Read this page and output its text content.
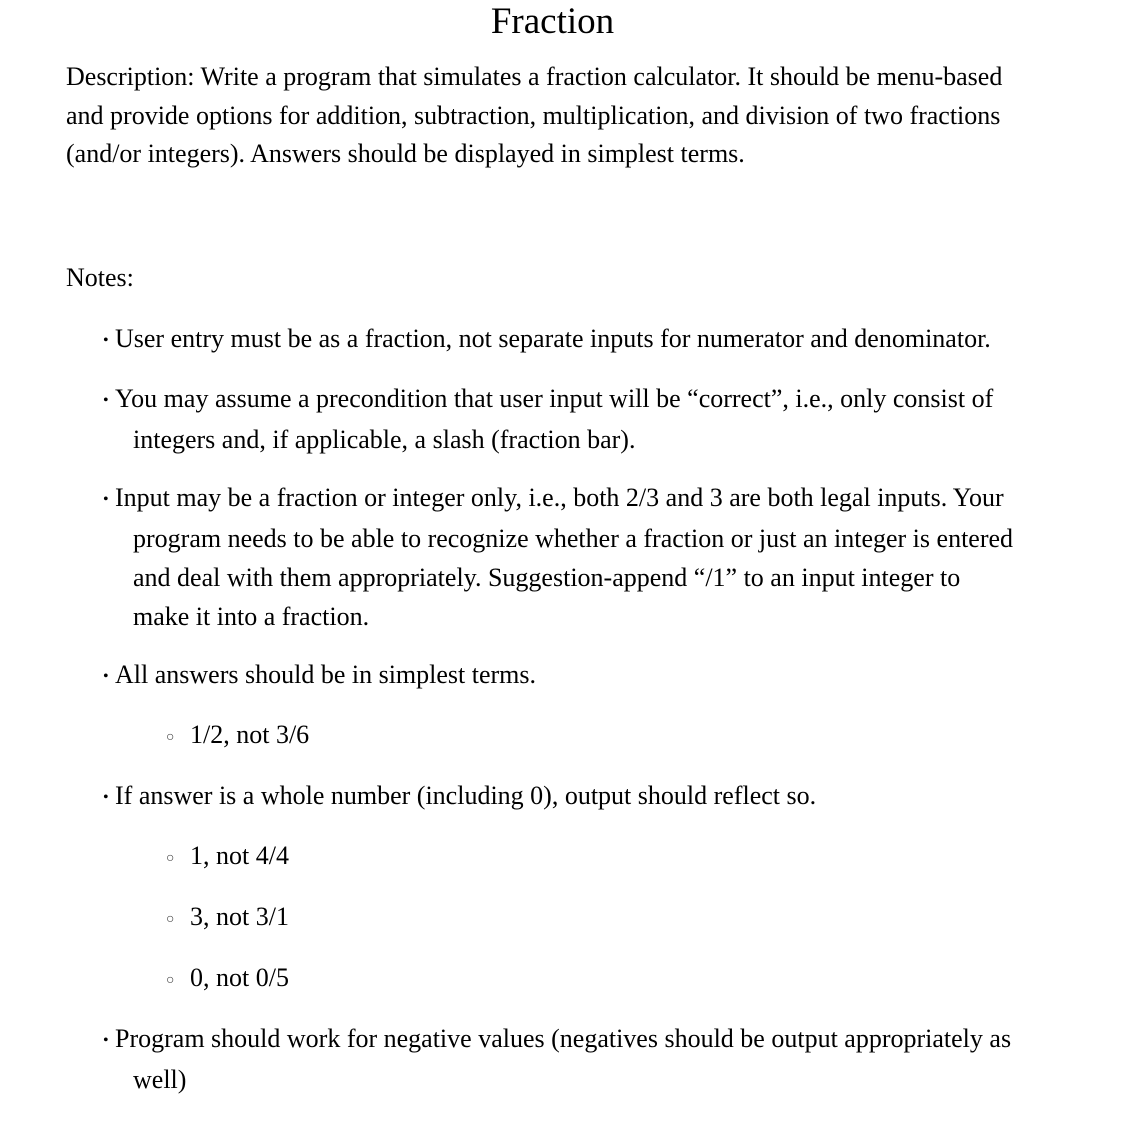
Fraction

Description: Write a program that simulates a fraction calculator. It should be menu-based and provide options for addition, subtraction, multiplication, and division of two fractions (and/or integers). Answers should be displayed in simplest terms.

Notes:

• User entry must be as a fraction, not separate inputs for numerator and denominator.
• You may assume a precondition that user input will be “correct”, i.e., only consist of integers and, if applicable, a slash (fraction bar).
• Input may be a fraction or integer only, i.e., both 2/3 and 3 are both legal inputs. Your program needs to be able to recognize whether a fraction or just an integer is entered and deal with them appropriately. Suggestion-append “/1” to an input integer to make it into a fraction.
• All answers should be in simplest terms.
○ 1/2, not 3/6
• If answer is a whole number (including 0), output should reflect so.
○ 1, not 4/4
○ 3, not 3/1
○ 0, not 0/5
• Program should work for negative values (negatives should be output appropriately as well)
